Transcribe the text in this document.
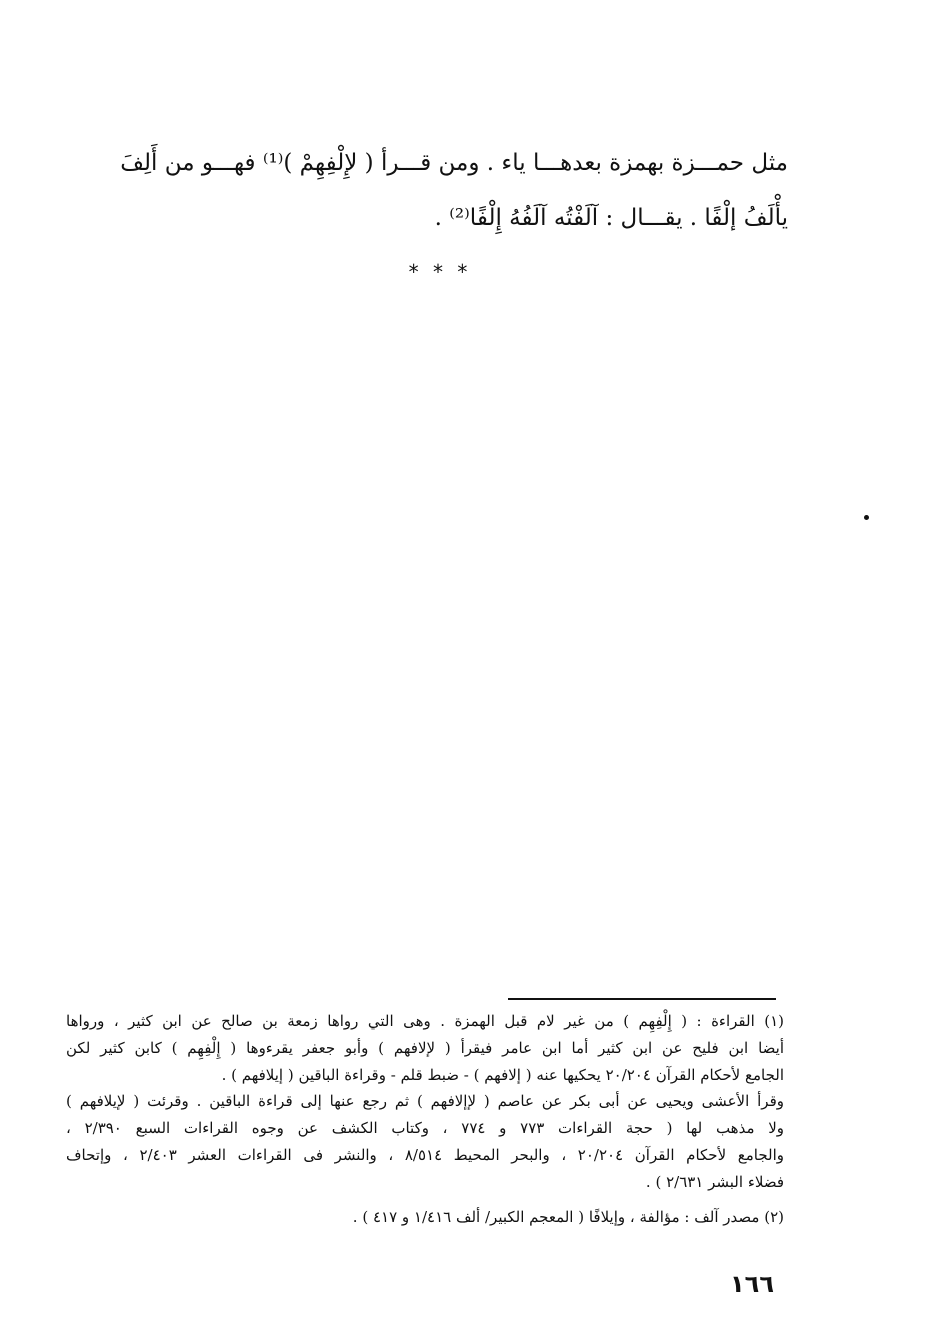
مثل حمـــزة بهمزة بعدهـــا ياء . ومن قـــرأ ( لإِلْفِهِمْ )⁽¹⁾ فهـــو من أَلِفَ
يأْلَفُ إلْفًا . يقـــال : آلَفْتُه آلَفُهُ إِلْفًا⁽²⁾ .
* * *
(١) القراءة : ( إِلْفِهِم ) من غير لام قبل الهمزة . وهى التي رواها زمعة بن صالح عن ابن كثير ، ورواها
أيضا ابن فليح عن ابن كثير أما ابن عامر فيقرأ ( لإلافهم ) وأبو جعفر يقرءوها ( إِلْفِهِم ) كابن كثير لكن
الجامع لأحكام القرآن ٢٠/٢٠٤ يحكيها عنه ( إلافهم ) - ضبط قلم - وقراءة الباقين ( إيلافهم ) .
وقرأ الأعشى ويحيى عن أبى بكر عن عاصم ( لإإلافهم ) ثم رجع عنها إلى قراءة الباقين . وقرئت ( لإيلافهم )
ولا مذهب لها ( حجة القراءات ٧٧٣ و ٧٧٤ ، وكتاب الكشف عن وجوه القراءات السبع ٢/٣٩٠ ،
والجامع لأحكام القرآن ٢٠/٢٠٤ ، والبحر المحيط ٨/٥١٤ ، والنشر فى القراءات العشر ٢/٤٠٣ ، وإتحاف
فضلاء البشر ٢/٦٣١ ) .
(٢) مصدر آلف : مؤالفة ، وإيلافًا ( المعجم الكبير/ ألف ١/٤١٦ و ٤١٧ ) .
١٦٦
